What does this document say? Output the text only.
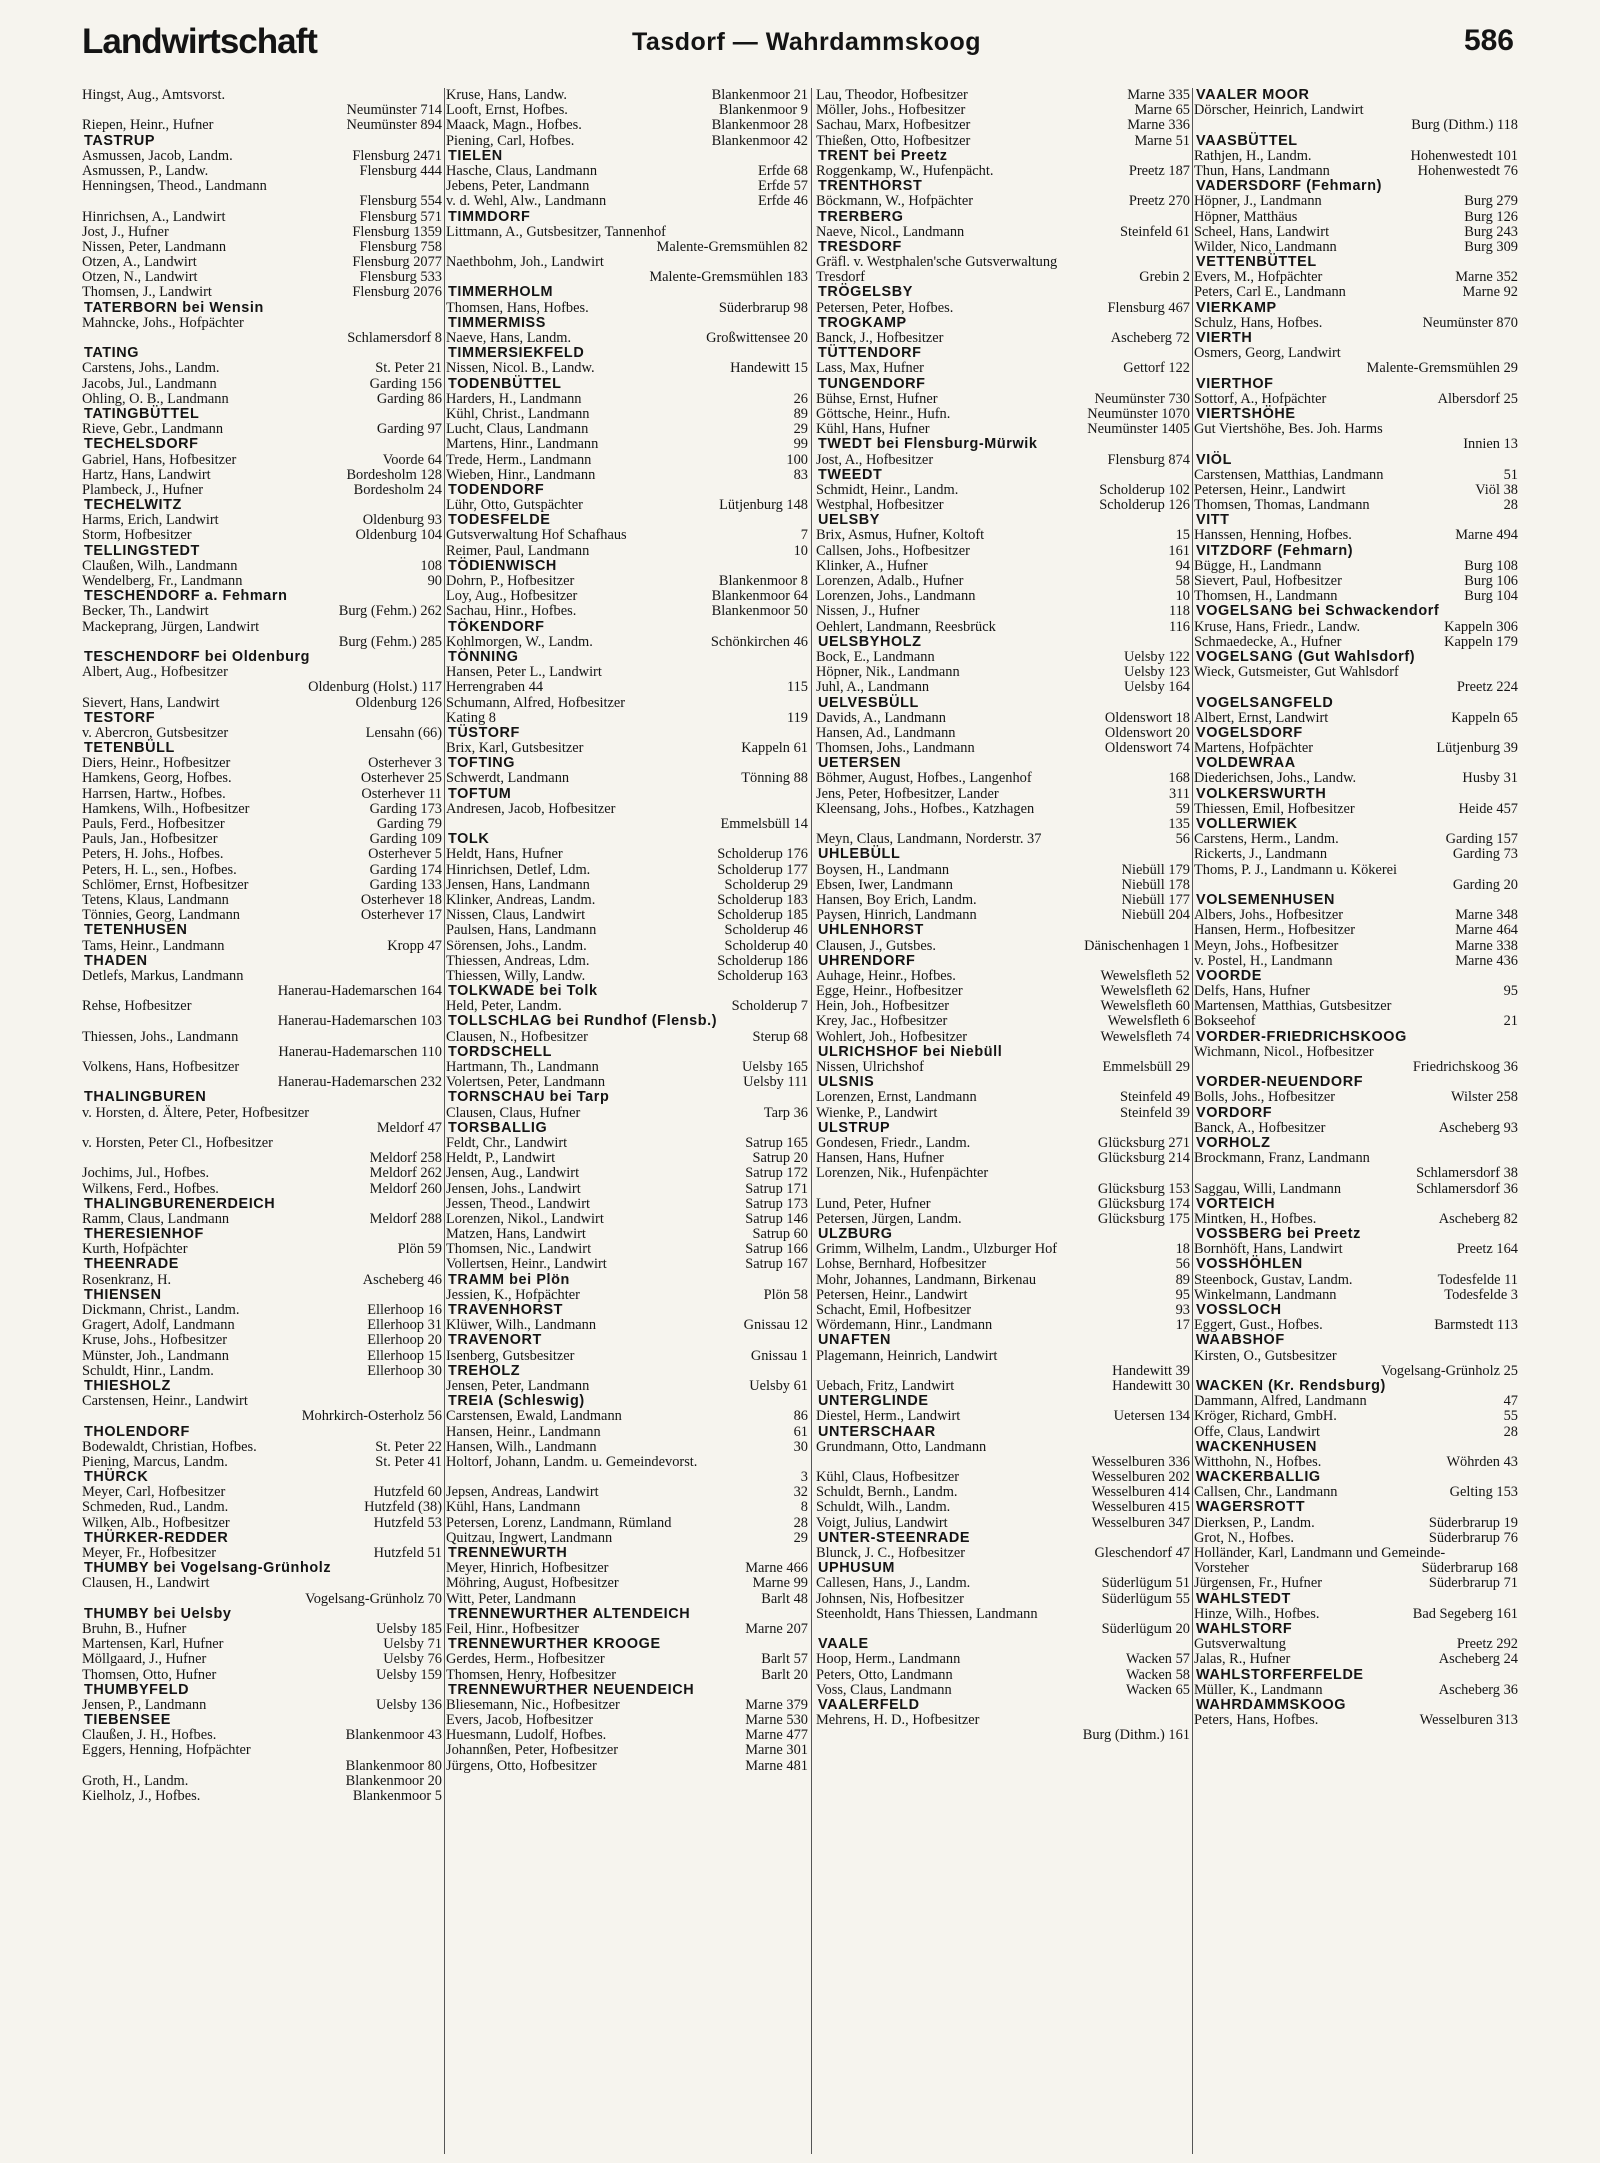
Landwirtschaft	Tasdorf — Wahrdammskoog	586
Hingst, Aug., Amtsvorst.
Neumünster 714
Riepen, Heinr., Hufner	Neumünster 894
TASTRUP
Asmussen, Jacob, Landm.	Flensburg 2471
Asmussen, P., Landw.	Flensburg 444
Henningsen, Theod., Landmann
Flensburg 554
Hinrichsen, A., Landwirt	Flensburg 571
Jost, J., Hufner	Flensburg 1359
Nissen, Peter, Landmann	Flensburg 758
Otzen, A., Landwirt	Flensburg 2077
Otzen, N., Landwirt	Flensburg 533
Thomsen, J., Landwirt	Flensburg 2076
TATERBORN bei Wensin
Mahncke, Johs., Hofpächter
Schlamersdorf 8
TATING
Carstens, Johs., Landm.	St. Peter 21
Jacobs, Jul., Landmann	Garding 156
Ohling, O. B., Landmann	Garding 86
TATINGBÜTTEL
Rieve, Gebr., Landmann	Garding 97
TECHELSDORF
Gabriel, Hans, Hofbesitzer	Voorde 64
Hartz, Hans, Landwirt	Bordesholm 128
Plambeck, J., Hufner	Bordesholm 24
TECHELWITZ
Harms, Erich, Landwirt	Oldenburg 93
Storm, Hofbesitzer	Oldenburg 104
TELLINGSTEDT
Claußen, Wilh., Landmann	108
Wendelberg, Fr., Landmann	90
TESCHENDORF a. Fehmarn
Becker, Th., Landwirt	Burg (Fehm.) 262
Mackeprang, Jürgen, Landwirt
Burg (Fehm.) 285
TESCHENDORF bei Oldenburg
Albert, Aug., Hofbesitzer
Oldenburg (Holst.) 117
Sievert, Hans, Landwirt	Oldenburg 126
TESTORF
v. Abercron, Gutsbesitzer	Lensahn (66)
TETENBÜLL
Diers, Heinr., Hofbesitzer	Osterhever 3
Hamkens, Georg, Hofbes.	Osterhever 25
Harrsen, Hartw., Hofbes.	Osterhever 11
Hamkens, Wilh., Hofbesitzer	Garding 173
Pauls, Ferd., Hofbesitzer	Garding 79
Pauls, Jan., Hofbesitzer	Garding 109
Peters, H. Johs., Hofbes.	Osterhever 5
Peters, H. L., sen., Hofbes.	Garding 174
Schlömer, Ernst, Hofbesitzer	Garding 133
Tetens, Klaus, Landmann	Osterhever 18
Tönnies, Georg, Landmann	Osterhever 17
TETENHUSEN
Tams, Heinr., Landmann	Kropp 47
THADEN
Detlefs, Markus, Landmann
Hanerau-Hademarschen 164
Rehse, Hofbesitzer
Hanerau-Hademarschen 103
Thiessen, Johs., Landmann
Hanerau-Hademarschen 110
Volkens, Hans, Hofbesitzer
Hanerau-Hademarschen 232
THALINGBUREN
v. Horsten, d. Ältere, Peter, Hofbesitzer
Meldorf 47
v. Horsten, Peter Cl., Hofbesitzer
Meldorf 258
Jochims, Jul., Hofbes.	Meldorf 262
Wilkens, Ferd., Hofbes.	Meldorf 260
THALINGBURENERDEICH
Ramm, Claus, Landmann	Meldorf 288
THERESIENHOF
Kurth, Hofpächter	Plön 59
THEENRADE
Rosenkranz, H.	Ascheberg 46
THIENSEN
Dickmann, Christ., Landm.	Ellerhoop 16
Gragert, Adolf, Landmann	Ellerhoop 31
Kruse, Johs., Hofbesitzer	Ellerhoop 20
Münster, Joh., Landmann	Ellerhoop 15
Schuldt, Hinr., Landm.	Ellerhoop 30
THIESHOLZ
Carstensen, Heinr., Landwirt
Mohrkirch-Osterholz 56
THOLENDORF
Bodewaldt, Christian, Hofbes.	St. Peter 22
Piening, Marcus, Landm.	St. Peter 41
THÜRCK
Meyer, Carl, Hofbesitzer	Hutzfeld 60
Schmeden, Rud., Landm.	Hutzfeld (38)
Wilken, Alb., Hofbesitzer	Hutzfeld 53
THÜRKER-REDDER
Meyer, Fr., Hofbesitzer	Hutzfeld 51
THUMBY bei Vogelsang-Grünholz
Clausen, H., Landwirt
Vogelsang-Grünholz 70
THUMBY bei Uelsby
Bruhn, B., Hufner	Uelsby 185
Martensen, Karl, Hufner	Uelsby 71
Möllgaard, J., Hufner	Uelsby 76
Thomsen, Otto, Hufner	Uelsby 159
THUMBYFELD
Jensen, P., Landmann	Uelsby 136
TIEBENSEE
Claußen, J. H., Hofbes.	Blankenmoor 43
Eggers, Henning, Hofpächter
Blankenmoor 80
Groth, H., Landm.	Blankenmoor 20
Kielholz, J., Hofbes.	Blankenmoor 5
Kruse, Hans, Landw.	Blankenmoor 21
Looft, Ernst, Hofbes.	Blankenmoor 9
Maack, Magn., Hofbes.	Blankenmoor 28
Piening, Carl, Hofbes.	Blankenmoor 42
TIELEN
Hasche, Claus, Landmann	Erfde 68
Jebens, Peter, Landmann	Erfde 57
v. d. Wehl, Alw., Landmann	Erfde 46
TIMMDORF
Littmann, A., Gutsbesitzer, Tannenhof
Malente-Gremsmühlen 82
Naethbohm, Joh., Landwirt
Malente-Gremsmühlen 183
TIMMERHOLM
Thomsen, Hans, Hofbes.	Süderbrarup 98
TIMMERMISS
Naeve, Hans, Landm.	Großwittensee 20
TIMMERSIEKFELD
Nissen, Nicol. B., Landw.	Handewitt 15
TODENBÜTTEL
Harders, H., Landmann	26
Kühl, Christ., Landmann	89
Lucht, Claus, Landmann	29
Martens, Hinr., Landmann	99
Trede, Herm., Landmann	100
Wieben, Hinr., Landmann	83
TODENDORF
Lühr, Otto, Gutspächter	Lütjenburg 148
TODESFELDE
Gutsverwaltung Hof Schafhaus	7
Reimer, Paul, Landmann	10
TÖDIENWISCH
Dohrn, P., Hofbesitzer	Blankenmoor 8
Loy, Aug., Hofbesitzer	Blankenmoor 64
Sachau, Hinr., Hofbes.	Blankenmoor 50
TÖKENDORF
Kohlmorgen, W., Landm.	Schönkirchen 46
TÖNNING
Hansen, Peter L., Landwirt
Herrengraben 44	115
Schumann, Alfred, Hofbesitzer
Kating 8	119
TÜSTORF
Brix, Karl, Gutsbesitzer	Kappeln 61
TOFTING
Schwerdt, Landmann	Tönning 88
TOFTUM
Andresen, Jacob, Hofbesitzer
Emmelsbüll 14
TOLK
Heldt, Hans, Hufner	Scholderup 176
Hinrichsen, Detlef, Ldm.	Scholderup 177
Jensen, Hans, Landmann	Scholderup 29
Klinker, Andreas, Landm.	Scholderup 183
Nissen, Claus, Landwirt	Scholderup 185
Paulsen, Hans, Landmann	Scholderup 46
Sörensen, Johs., Landm.	Scholderup 40
Thiessen, Andreas, Ldm.	Scholderup 186
Thiessen, Willy, Landw.	Scholderup 163
TOLKWADE bei Tolk
Held, Peter, Landm.	Scholderup 7
TOLLSCHLAG bei Rundhof (Flensb.)
Clausen, N., Hofbesitzer	Sterup 68
TORDSCHELL
Hartmann, Th., Landmann	Uelsby 165
Volertsen, Peter, Landmann	Uelsby 111
TORNSCHAU bei Tarp
Clausen, Claus, Hufner	Tarp 36
TORSBALLIG
Feldt, Chr., Landwirt	Satrup 165
Heldt, P., Landwirt	Satrup 20
Jensen, Aug., Landwirt	Satrup 172
Jensen, Johs., Landwirt	Satrup 171
Jessen, Theod., Landwirt	Satrup 173
Lorenzen, Nikol., Landwirt	Satrup 146
Matzen, Hans, Landwirt	Satrup 60
Thomsen, Nic., Landwirt	Satrup 166
Vollertsen, Heinr., Landwirt	Satrup 167
TRAMM bei Plön
Jessien, K., Hofpächter	Plön 58
TRAVENHORST
Klüwer, Wilh., Landmann	Gnissau 12
TRAVENORT
Isenberg, Gutsbesitzer	Gnissau 1
TREHOLZ
Jensen, Peter, Landmann	Uelsby 61
TREIA (Schleswig)
Carstensen, Ewald, Landmann	86
Hansen, Heinr., Landmann	61
Hansen, Wilh., Landmann	30
Holtorf, Johann, Landm. u. Gemeindevorst.
3
Jepsen, Andreas, Landwirt	32
Kühl, Hans, Landmann	8
Petersen, Lorenz, Landmann, Rümland	28
Quitzau, Ingwert, Landmann	29
TRENNEWURTH
Meyer, Hinrich, Hofbesitzer	Marne 466
Möhring, August, Hofbesitzer	Marne 99
Witt, Peter, Landmann	Barlt 48
TRENNEWURTHER ALTENDEICH
Feil, Hinr., Hofbesitzer	Marne 207
TRENNEWURTHER KROOGE
Gerdes, Herm., Hofbesitzer	Barlt 57
Thomsen, Henry, Hofbesitzer	Barlt 20
TRENNEWURTHER NEUENDEICH
Bliesemann, Nic., Hofbesitzer	Marne 379
Evers, Jacob, Hofbesitzer	Marne 530
Huesmann, Ludolf, Hofbes.	Marne 477
Johannßen, Peter, Hofbesitzer	Marne 301
Jürgens, Otto, Hofbesitzer	Marne 481
Lau, Theodor, Hofbesitzer	Marne 335
Möller, Johs., Hofbesitzer	Marne 65
Sachau, Marx, Hofbesitzer	Marne 336
Thießen, Otto, Hofbesitzer	Marne 51
TRENT bei Preetz
Roggenkamp, W., Hufenpächt.	Preetz 187
TRENTHORST
Böckmann, W., Hofpächter	Preetz 270
TRERBERG
Naeve, Nicol., Landmann	Steinfeld 61
TRESDORF
Gräfl. v. Westphalen'sche Gutsverwaltung
Tresdorf	Grebin 2
TRÖGELSBY
Petersen, Peter, Hofbes.	Flensburg 467
TROGKAMP
Banck, J., Hofbesitzer	Ascheberg 72
TÜTTENDORF
Lass, Max, Hufner	Gettorf 122
TUNGENDORF
Bühse, Ernst, Hufner	Neumünster 730
Göttsche, Heinr., Hufn.	Neumünster 1070
Kühl, Hans, Hufner	Neumünster 1405
TWEDT bei Flensburg-Mürwik
Jost, A., Hofbesitzer	Flensburg 874
TWEEDT
Schmidt, Heinr., Landm.	Scholderup 102
Westphal, Hofbesitzer	Scholderup 126
UELSBY
Brix, Asmus, Hufner, Koltoft	15
Callsen, Johs., Hofbesitzer	161
Klinker, A., Hufner	94
Lorenzen, Adalb., Hufner	58
Lorenzen, Johs., Landmann	10
Nissen, J., Hufner	118
Oehlert, Landmann, Reesbrück	116
UELSBYHOLZ
Bock, E., Landmann	Uelsby 122
Höpner, Nik., Landmann	Uelsby 123
Juhl, A., Landmann	Uelsby 164
UELVESBÜLL
Davids, A., Landmann	Oldenswort 18
Hansen, Ad., Landmann	Oldenswort 20
Thomsen, Johs., Landmann	Oldenswort 74
UETERSEN
Böhmer, August, Hofbes., Langenhof	168
Jens, Peter, Hofbesitzer, Lander	311
Kleensang, Johs., Hofbes., Katzhagen	59
135
Meyn, Claus, Landmann, Norderstr. 37	56
UHLEBÜLL
Boysen, H., Landmann	Niebüll 179
Ebsen, Iwer, Landmann	Niebüll 178
Hansen, Boy Erich, Landm.	Niebüll 177
Paysen, Hinrich, Landmann	Niebüll 204
UHLENHORST
Clausen, J., Gutsbes.	Dänischenhagen 1
UHRENDORF
Auhage, Heinr., Hofbes.	Wewelsfleth 52
Egge, Heinr., Hofbesitzer	Wewelsfleth 62
Hein, Joh., Hofbesitzer	Wewelsfleth 60
Krey, Jac., Hofbesitzer	Wewelsfleth 6
Wohlert, Joh., Hofbesitzer	Wewelsfleth 74
ULRICHSHOF bei Niebüll
Nissen, Ulrichshof	Emmelsbüll 29
ULSNIS
Lorenzen, Ernst, Landmann	Steinfeld 49
Wienke, P., Landwirt	Steinfeld 39
ULSTRUP
Gondesen, Friedr., Landm.	Glücksburg 271
Hansen, Hans, Hufner	Glücksburg 214
Lorenzen, Nik., Hufenpächter
Glücksburg 153
Lund, Peter, Hufner	Glücksburg 174
Petersen, Jürgen, Landm.	Glücksburg 175
ULZBURG
Grimm, Wilhelm, Landm., Ulzburger Hof	18
Lohse, Bernhard, Hofbesitzer	56
Mohr, Johannes, Landmann, Birkenau	89
Petersen, Heinr., Landwirt	95
Schacht, Emil, Hofbesitzer	93
Wördemann, Hinr., Landmann	17
UNAFTEN
Plagemann, Heinrich, Landwirt
Handewitt 39
Uebach, Fritz, Landwirt	Handewitt 30
UNTERGLINDE
Diestel, Herm., Landwirt	Uetersen 134
UNTERSCHAAR
Grundmann, Otto, Landmann
Wesselburen 336
Kühl, Claus, Hofbesitzer	Wesselburen 202
Schuldt, Bernh., Landm.	Wesselburen 414
Schuldt, Wilh., Landm.	Wesselburen 415
Voigt, Julius, Landwirt	Wesselburen 347
UNTER-STEENRADE
Blunck, J. C., Hofbesitzer	Gleschendorf 47
UPHUSUM
Callesen, Hans, J., Landm.	Süderlügum 51
Johnsen, Nis, Hofbesitzer	Süderlügum 55
Steenholdt, Hans Thiessen, Landmann
Süderlügum 20
VAALE
Hoop, Herm., Landmann	Wacken 57
Peters, Otto, Landmann	Wacken 58
Voss, Claus, Landmann	Wacken 65
VAALERFELD
Mehrens, H. D., Hofbesitzer
Burg (Dithm.) 161
VAALER MOOR
Dörscher, Heinrich, Landwirt
Burg (Dithm.) 118
VAASBÜTTEL
Rathjen, H., Landm.	Hohenwestedt 101
Thun, Hans, Landmann	Hohenwestedt 76
VADERSDORF (Fehmarn)
Höpner, J., Landmann	Burg 279
Höpner, Matthäus	Burg 126
Scheel, Hans, Landwirt	Burg 243
Wilder, Nico, Landmann	Burg 309
VETTENBÜTTEL
Evers, M., Hofpächter	Marne 352
Peters, Carl E., Landmann	Marne 92
VIERKAMP
Schulz, Hans, Hofbes.	Neumünster 870
VIERTH
Osmers, Georg, Landwirt
Malente-Gremsmühlen 29
VIERTHOF
Sottorf, A., Hofpächter	Albersdorf 25
VIERTSHÖHE
Gut Viertshöhe, Bes. Joh. Harms
Innien 13
VIÖL
Carstensen, Matthias, Landmann	51
Petersen, Heinr., Landwirt	Viöl 38
Thomsen, Thomas, Landmann	28
VITT
Hanssen, Henning, Hofbes.	Marne 494
VITZDORF (Fehmarn)
Bügge, H., Landmann	Burg 108
Sievert, Paul, Hofbesitzer	Burg 106
Thomsen, H., Landmann	Burg 104
VOGELSANG bei Schwackendorf
Kruse, Hans, Friedr., Landw.	Kappeln 306
Schmaedecke, A., Hufner	Kappeln 179
VOGELSANG (Gut Wahlsdorf)
Wieck, Gutsmeister, Gut Wahlsdorf
Preetz 224
VOGELSANGFELD
Albert, Ernst, Landwirt	Kappeln 65
VOGELSDORF
Martens, Hofpächter	Lütjenburg 39
VOLDEWRAA
Diederichsen, Johs., Landw.	Husby 31
VOLKERSWURTH
Thiessen, Emil, Hofbesitzer	Heide 457
VOLLERWIEK
Carstens, Herm., Landm.	Garding 157
Rickerts, J., Landmann	Garding 73
Thoms, P. J., Landmann u. Kökerei
Garding 20
VOLSEMENHUSEN
Albers, Johs., Hofbesitzer	Marne 348
Hansen, Herm., Hofbesitzer	Marne 464
Meyn, Johs., Hofbesitzer	Marne 338
v. Postel, H., Landmann	Marne 436
VOORDE
Delfs, Hans, Hufner	95
Martensen, Matthias, Gutsbesitzer
Bokseehof	21
VORDER-FRIEDRICHSKOOG
Wichmann, Nicol., Hofbesitzer
Friedrichskoog 36
VORDER-NEUENDORF
Bolls, Johs., Hofbesitzer	Wilster 258
VORDORF
Banck, A., Hofbesitzer	Ascheberg 93
VORHOLZ
Brockmann, Franz, Landmann
Schlamersdorf 38
Saggau, Willi, Landmann	Schlamersdorf 36
VORTEICH
Mintken, H., Hofbes.	Ascheberg 82
VOSSBERG bei Preetz
Bornhöft, Hans, Landwirt	Preetz 164
VOSSHÖHLEN
Steenbock, Gustav, Landm.	Todesfelde 11
Winkelmann, Landmann	Todesfelde 3
VOSSLOCH
Eggert, Gust., Hofbes.	Barmstedt 113
WAABSHOF
Kirsten, O., Gutsbesitzer
Vogelsang-Grünholz 25
WACKEN (Kr. Rendsburg)
Dammann, Alfred, Landmann	47
Kröger, Richard, GmbH.	55
Offe, Claus, Landwirt	28
WACKENHUSEN
Witthohn, N., Hofbes.	Wöhrden 43
WACKERBALLIG
Callsen, Chr., Landmann	Gelting 153
WAGERSROTT
Dierksen, P., Landm.	Süderbrarup 19
Grot, N., Hofbes.	Süderbrarup 76
Holländer, Karl, Landmann und Gemeinde-
Vorsteher	Süderbrarup 168
Jürgensen, Fr., Hufner	Süderbrarup 71
WAHLSTEDT
Hinze, Wilh., Hofbes.	Bad Segeberg 161
WAHLSTORF
Gutsverwaltung	Preetz 292
Jalas, R., Hufner	Ascheberg 24
WAHLSTORFERFELDE
Müller, K., Landmann	Ascheberg 36
WAHRDAMMSKOOG
Peters, Hans, Hofbes.	Wesselburen 313
